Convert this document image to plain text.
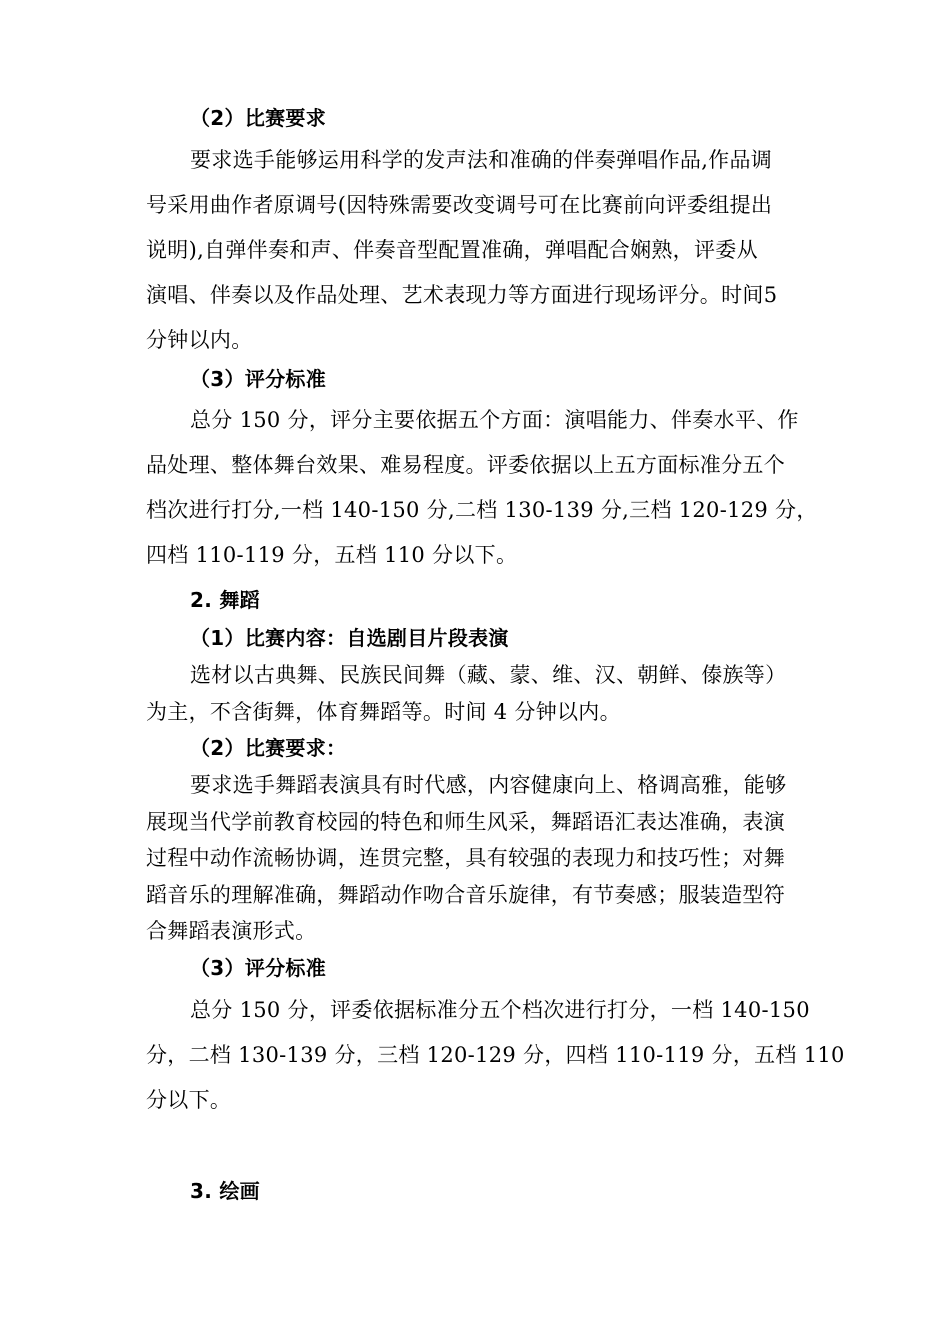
（2）比赛要求
要求选手能够运用科学的发声法和准确的伴奏弹唱作品,作品调
号采用曲作者原调号(因特殊需要改变调号可在比赛前向评委组提出
说明),自弹伴奏和声、伴奏音型配置准确，弹唱配合娴熟，评委从
演唱、伴奏以及作品处理、艺术表现力等方面进行现场评分。时间5
分钟以内。
（3）评分标准
总分 150 分，评分主要依据五个方面：演唱能力、伴奏水平、作
品处理、整体舞台效果、难易程度。评委依据以上五方面标准分五个
档次进行打分,一档 140-150 分,二档 130-139 分,三档 120-129 分，
四档 110-119 分，五档 110 分以下。
2. 舞蹈
（1）比赛内容：自选剧目片段表演
选材以古典舞、民族民间舞（藏、蒙、维、汉、朝鲜、傣族等）
为主，不含街舞，体育舞蹈等。时间 4 分钟以内。
（2）比赛要求：
要求选手舞蹈表演具有时代感，内容健康向上、格调高雅，能够
展现当代学前教育校园的特色和师生风采，舞蹈语汇表达准确，表演
过程中动作流畅协调，连贯完整，具有较强的表现力和技巧性；对舞
蹈音乐的理解准确，舞蹈动作吻合音乐旋律，有节奏感；服装造型符
合舞蹈表演形式。
（3）评分标准
总分 150 分，评委依据标准分五个档次进行打分，一档 140-150
分，二档 130-139 分，三档 120-129 分，四档 110-119 分，五档 110
分以下。
3. 绘画
